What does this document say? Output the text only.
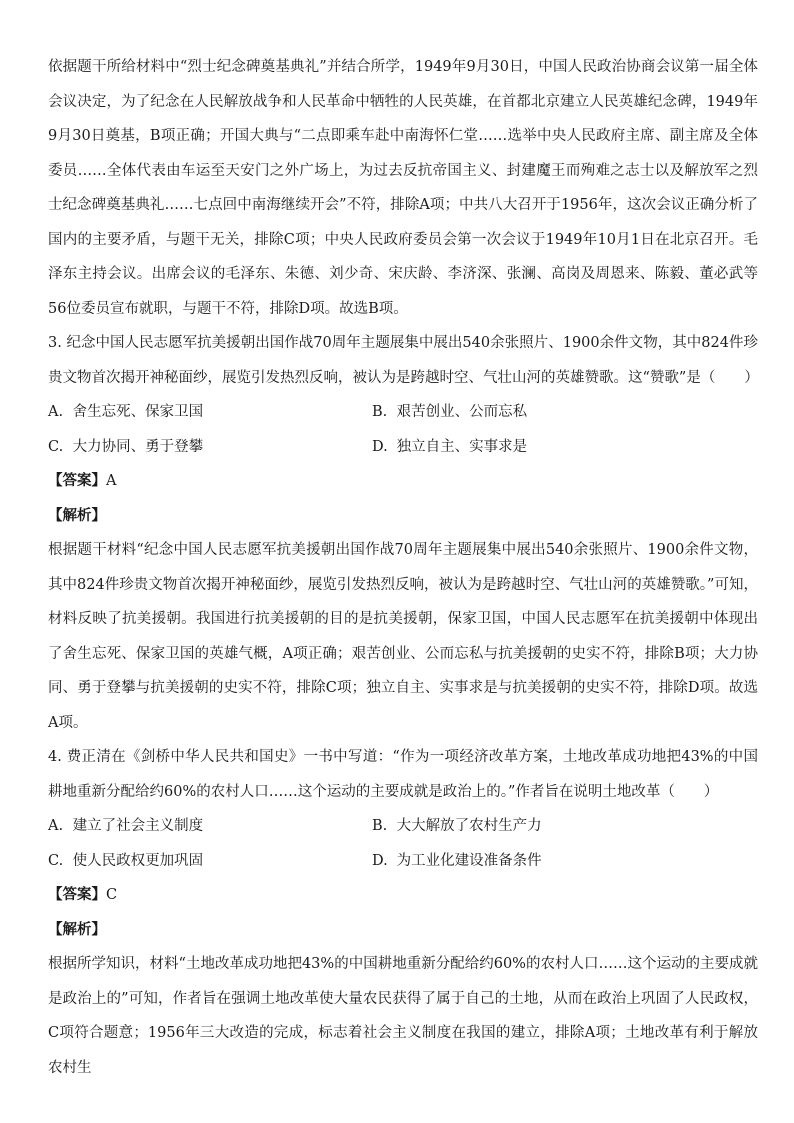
依据题干所给材料中“烈士纪念碑奠基典礼”并结合所学，1949年9月30日，中国人民政治协商会议第一届全体会议决定，为了纪念在人民解放战争和人民革命中牺牲的人民英雄，在首都北京建立人民英雄纪念碑，1949年9月30日奠基，B项正确；开国大典与“二点即乘车赴中南海怀仁堂……选举中央人民政府主席、副主席及全体委员……全体代表由车运至天安门之外广场上，为过去反抗帝国主义、封建魔王而殉难之志士以及解放军之烈士纪念碑奠基典礼……七点回中南海继续开会”不符，排除A项；中共八大召开于1956年，这次会议正确分析了国内的主要矛盾，与题干无关，排除C项；中央人民政府委员会第一次会议于1949年10月1日在北京召开。毛泽东主持会议。出席会议的毛泽东、朱德、刘少奇、宋庆龄、李济深、张澜、高岗及周恩来、陈毅、董必武等56位委员宣布就职，与题干不符，排除D项。故选B项。

3. 纪念中国人民志愿军抗美援朝出国作战70周年主题展集中展出540余张照片、1900余件文物，其中824件珍贵文物首次揭开神秘面纱，展览引发热烈反响，被认为是跨越时空、气壮山河的英雄赞歌。这“赞歌”是（　　）

A. 舍生忘死、保家卫国	B. 艰苦创业、公而忘私
C. 大力协同、勇于登攀	D. 独立自主、实事求是

【答案】A

【解析】

根据题干材料“纪念中国人民志愿军抗美援朝出国作战70周年主题展集中展出540余张照片、1900余件文物，其中824件珍贵文物首次揭开神秘面纱，展览引发热烈反响，被认为是跨越时空、气壮山河的英雄赞歌。”可知，材料反映了抗美援朝。我国进行抗美援朝的目的是抗美援朝，保家卫国，中国人民志愿军在抗美援朝中体现出了舍生忘死、保家卫国的英雄气概，A项正确；艰苦创业、公而忘私与抗美援朝的史实不符，排除B项；大力协同、勇于登攀与抗美援朝的史实不符，排除C项；独立自主、实事求是与抗美援朝的史实不符，排除D项。故选A项。

4. 费正清在《剑桥中华人民共和国史》一书中写道：“作为一项经济改革方案，土地改革成功地把43%的中国耕地重新分配给约60%的农村人口……这个运动的主要成就是政治上的。”作者旨在说明土地改革（　　）

A. 建立了社会主义制度	B. 大大解放了农村生产力
C. 使人民政权更加巩固	D. 为工业化建设准备条件

【答案】C

【解析】

根据所学知识，材料“土地改革成功地把43%的中国耕地重新分配给约60%的农村人口……这个运动的主要成就是政治上的”可知，作者旨在强调土地改革使大量农民获得了属于自己的土地，从而在政治上巩固了人民政权，C项符合题意；1956年三大改造的完成，标志着社会主义制度在我国的建立，排除A项；土地改革有利于解放农村生
